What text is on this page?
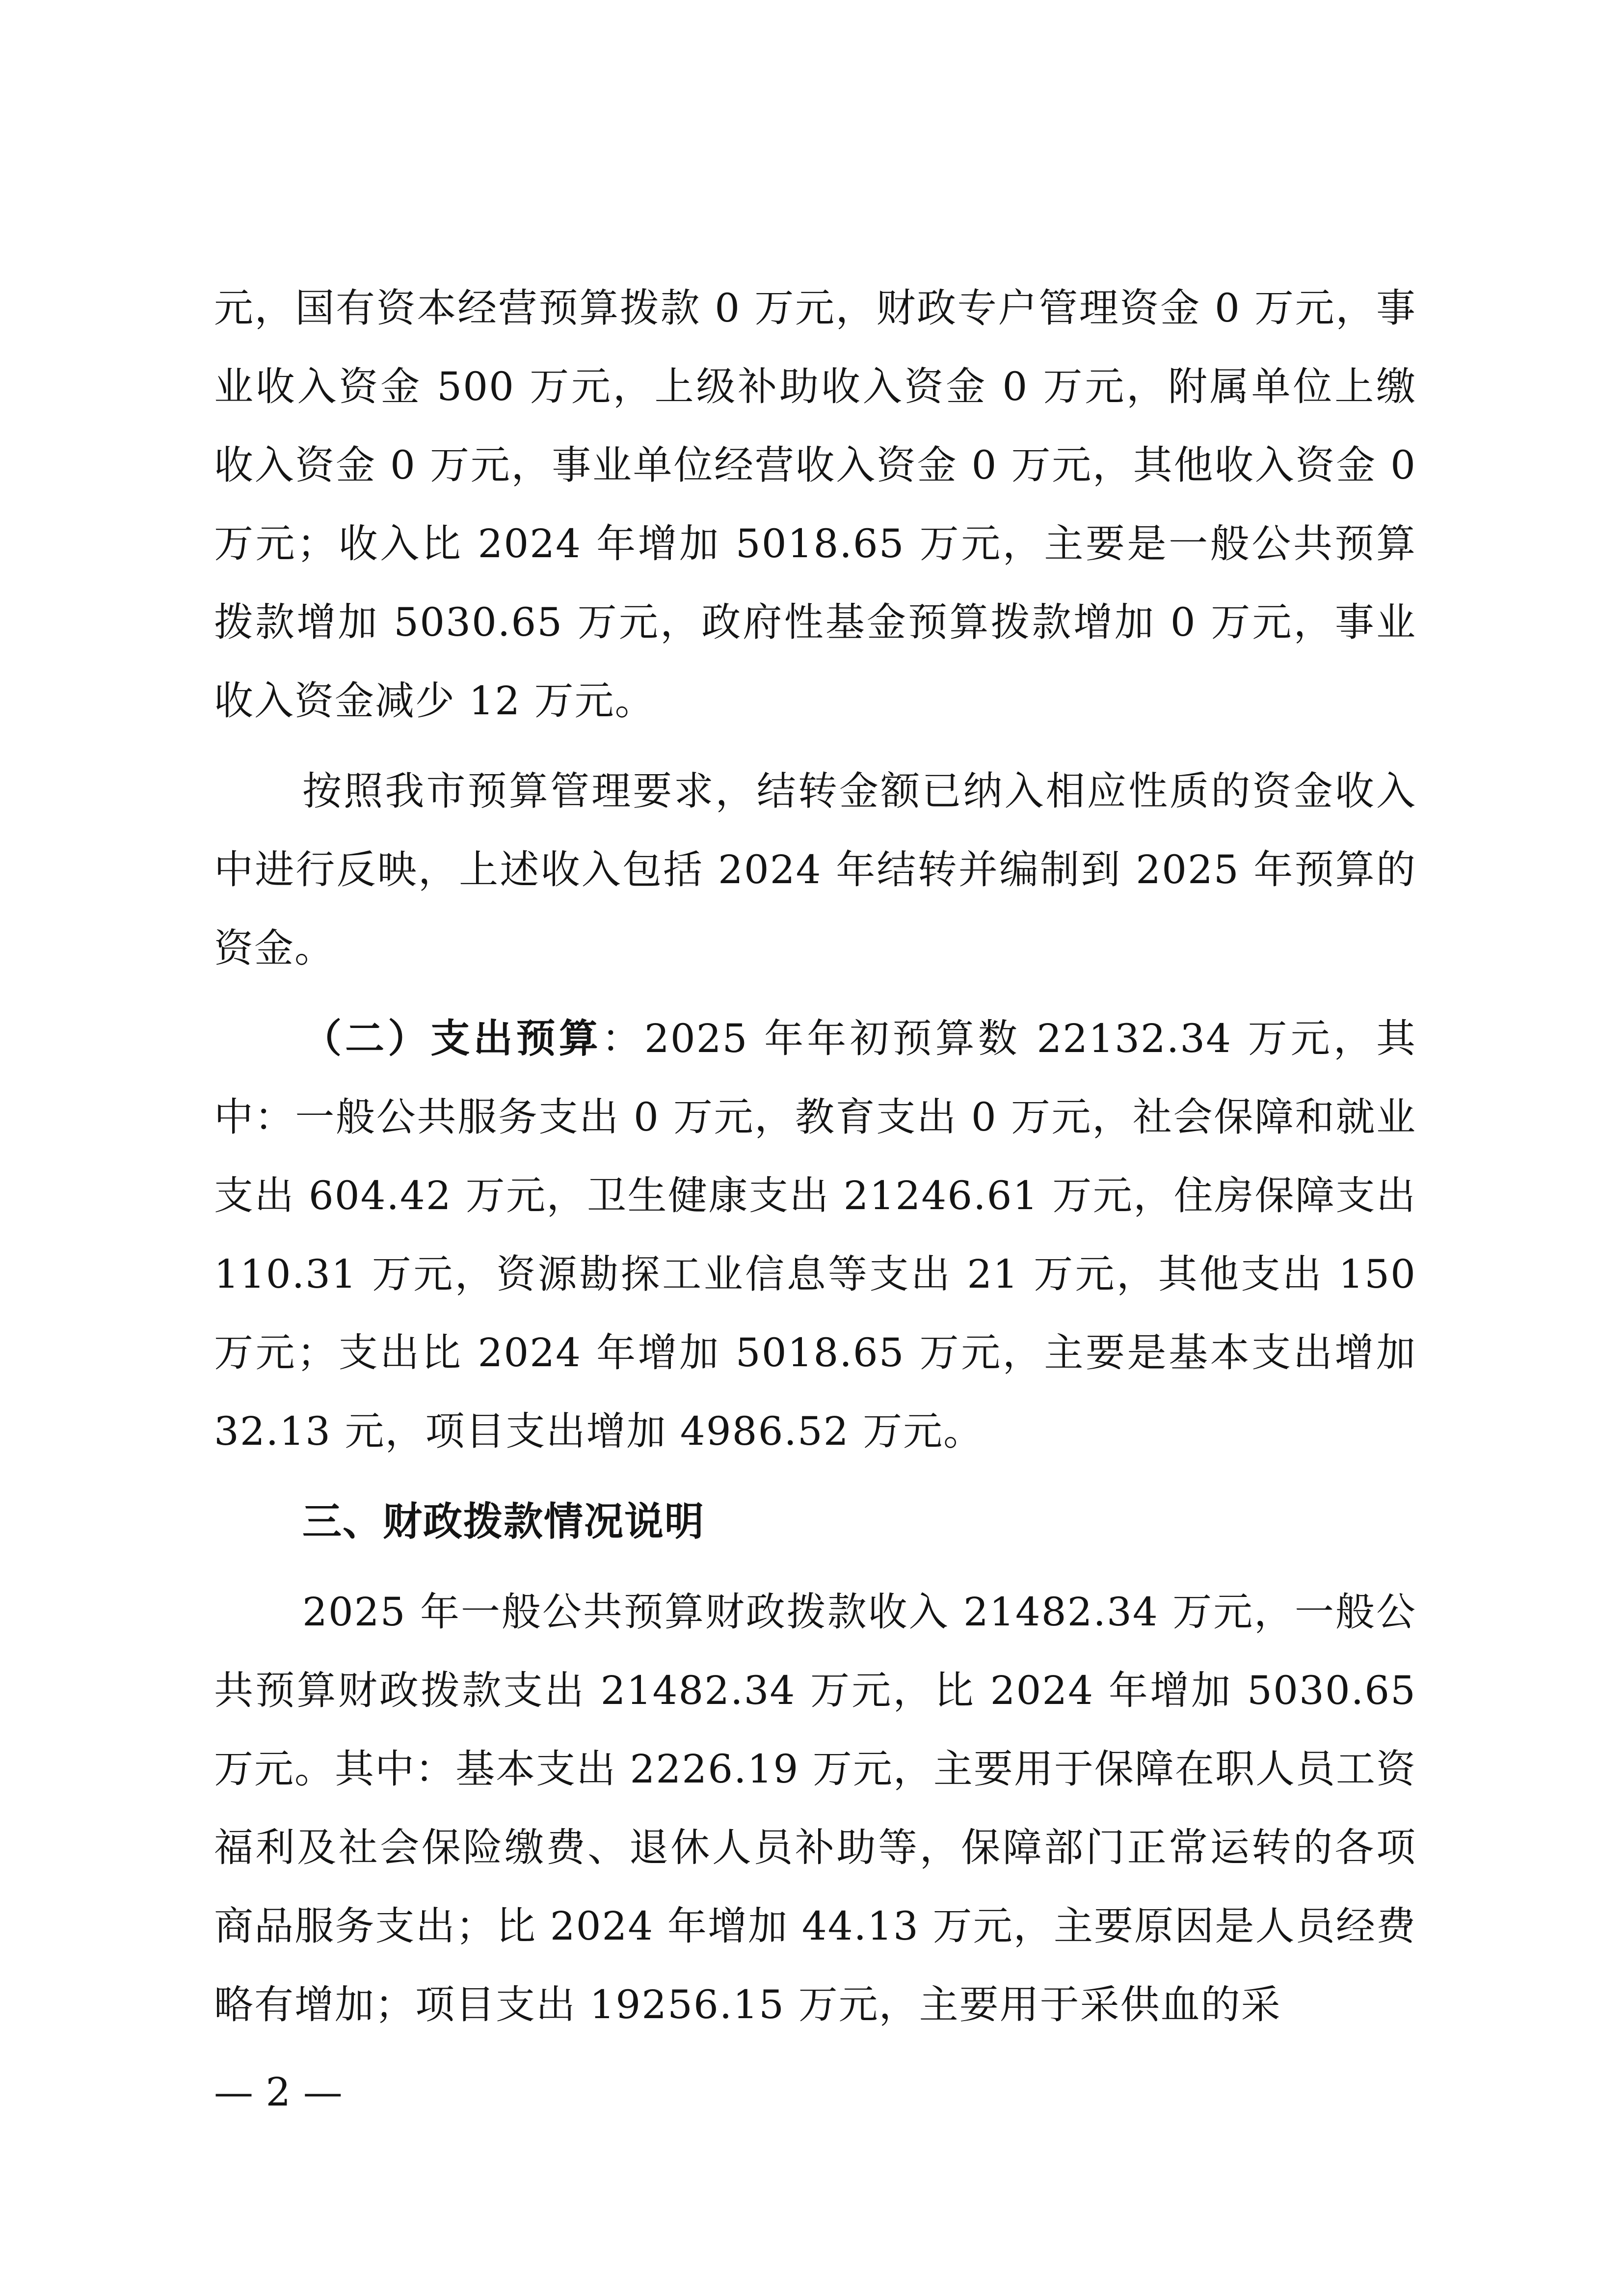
元，国有资本经营预算拨款 0 万元，财政专户管理资金 0 万元，事业收入资金 500 万元，上级补助收入资金 0 万元，附属单位上缴收入资金 0 万元，事业单位经营收入资金 0 万元，其他收入资金 0 万元；收入比 2024 年增加 5018.65 万元，主要是一般公共预算拨款增加 5030.65 万元，政府性基金预算拨款增加 0 万元，事业收入资金减少 12 万元。

按照我市预算管理要求，结转金额已纳入相应性质的资金收入中进行反映，上述收入包括 2024 年结转并编制到 2025 年预算的资金。

（二）支出预算：2025 年年初预算数 22132.34 万元，其中：一般公共服务支出 0 万元，教育支出 0 万元，社会保障和就业支出 604.42 万元，卫生健康支出 21246.61 万元，住房保障支出 110.31 万元，资源勘探工业信息等支出 21 万元，其他支出 150 万元；支出比 2024 年增加 5018.65 万元，主要是基本支出增加 32.13 元，项目支出增加 4986.52 万元。

三、财政拨款情况说明

2025 年一般公共预算财政拨款收入 21482.34 万元，一般公共预算财政拨款支出 21482.34 万元，比 2024 年增加 5030.65 万元。其中：基本支出 2226.19 万元，主要用于保障在职人员工资福利及社会保险缴费、退休人员补助等，保障部门正常运转的各项商品服务支出；比 2024 年增加 44.13 万元，主要原因是人员经费略有增加；项目支出 19256.15 万元，主要用于采供血的采

— 2 —
